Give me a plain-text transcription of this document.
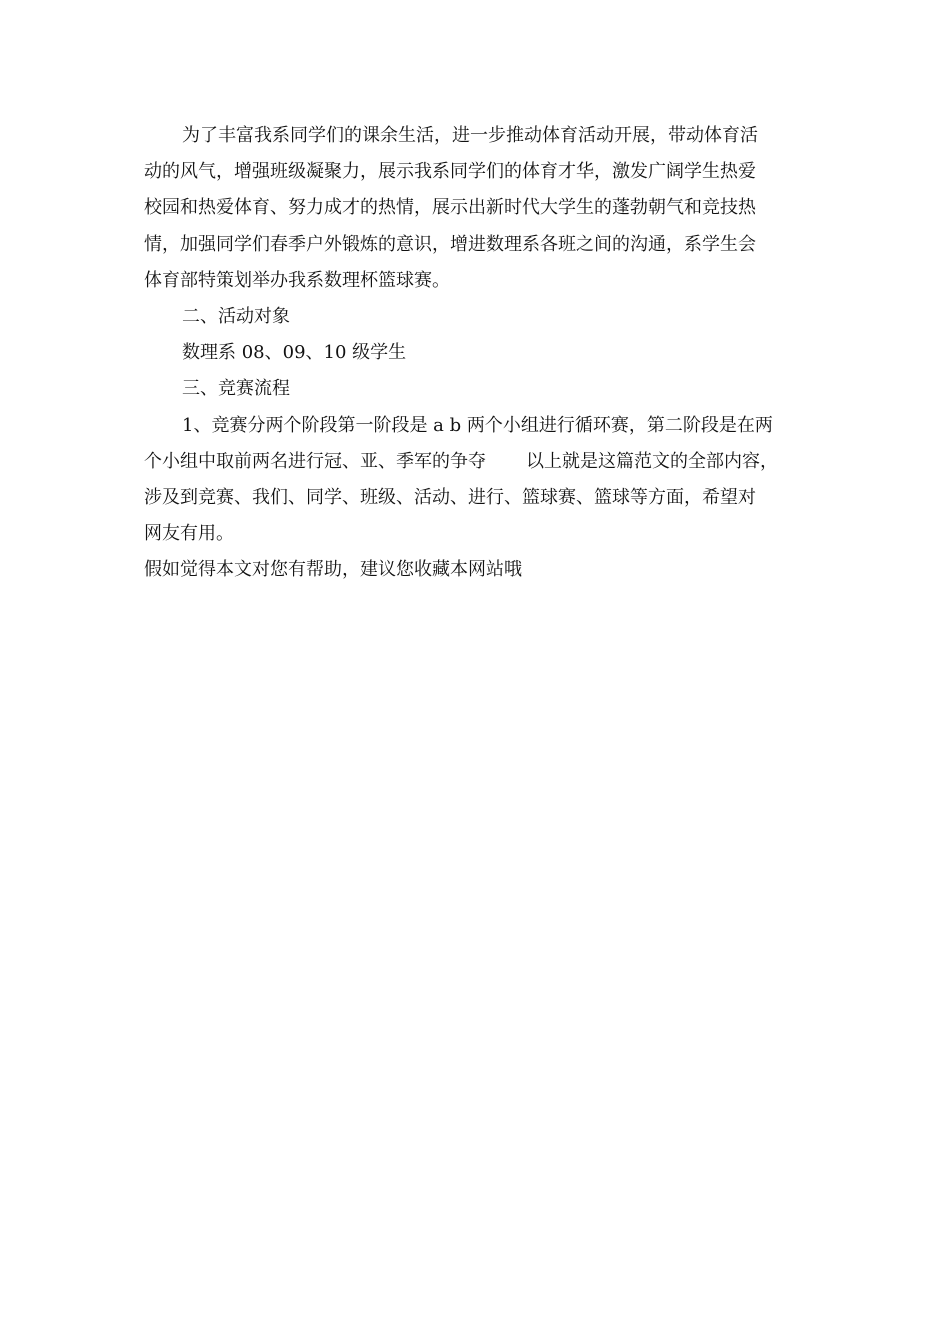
为了丰富我系同学们的课余生活，进一步推动体育活动开展，带动体育活
动的风气，增强班级凝聚力，展示我系同学们的体育才华，激发广阔学生热爱
校园和热爱体育、努力成才的热情，展示出新时代大学生的蓬勃朝气和竞技热
情，加强同学们春季户外锻炼的意识，增进数理系各班之间的沟通，系学生会
体育部特策划举办我系数理杯篮球赛。
二、活动对象
数理系 08、09、10 级学生
三、竞赛流程
1、竞赛分两个阶段第一阶段是 a b 两个小组进行循环赛，第二阶段是在两
个小组中取前两名进行冠、亚、季军的争夺 以上就是这篇范文的全部内容，
涉及到竞赛、我们、同学、班级、活动、进行、篮球赛、篮球等方面，希望对
网友有用。
假如觉得本文对您有帮助，建议您收藏本网站哦
